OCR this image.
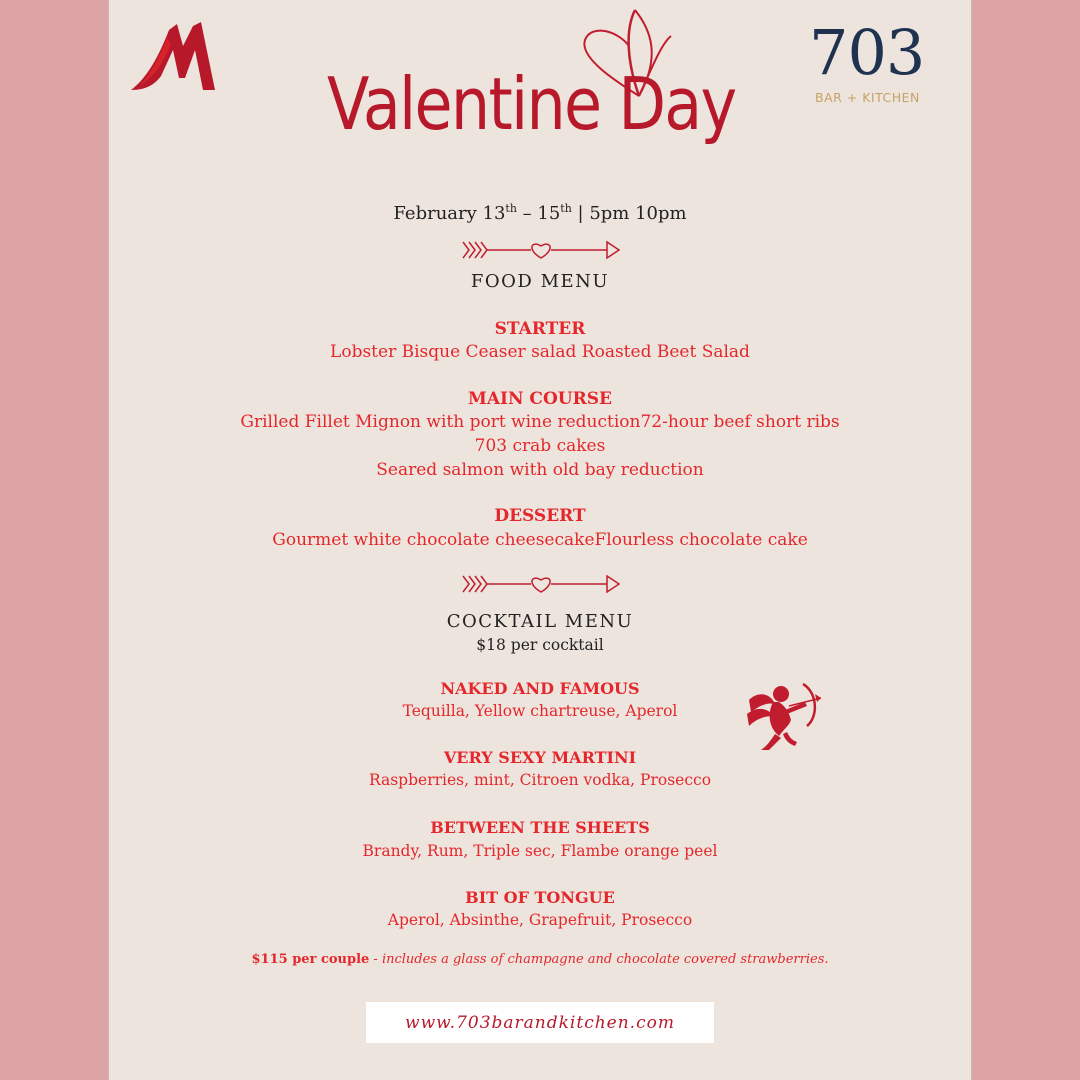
Valentine Day
703
BAR + KITCHEN
February 13th – 15th | 5pm 10pm
FOOD MENU
STARTER
Lobster Bisque Ceaser salad Roasted Beet Salad
MAIN COURSE
Grilled Fillet Mignon with port wine reduction72-hour beef short ribs
703 crab cakes
Seared salmon with old bay reduction
DESSERT
Gourmet white chocolate cheesecakeFlourless chocolate cake
COCKTAIL MENU
$18 per cocktail
NAKED AND FAMOUS
Tequilla, Yellow chartreuse, Aperol
VERY SEXY MARTINI
Raspberries, mint, Citroen vodka, Prosecco
BETWEEN THE SHEETS
Brandy, Rum, Triple sec, Flambe orange peel
BIT OF TONGUE
Aperol, Absinthe, Grapefruit, Prosecco
$115 per couple - includes a glass of champagne and chocolate covered strawberries.
www.703barandkitchen.com
